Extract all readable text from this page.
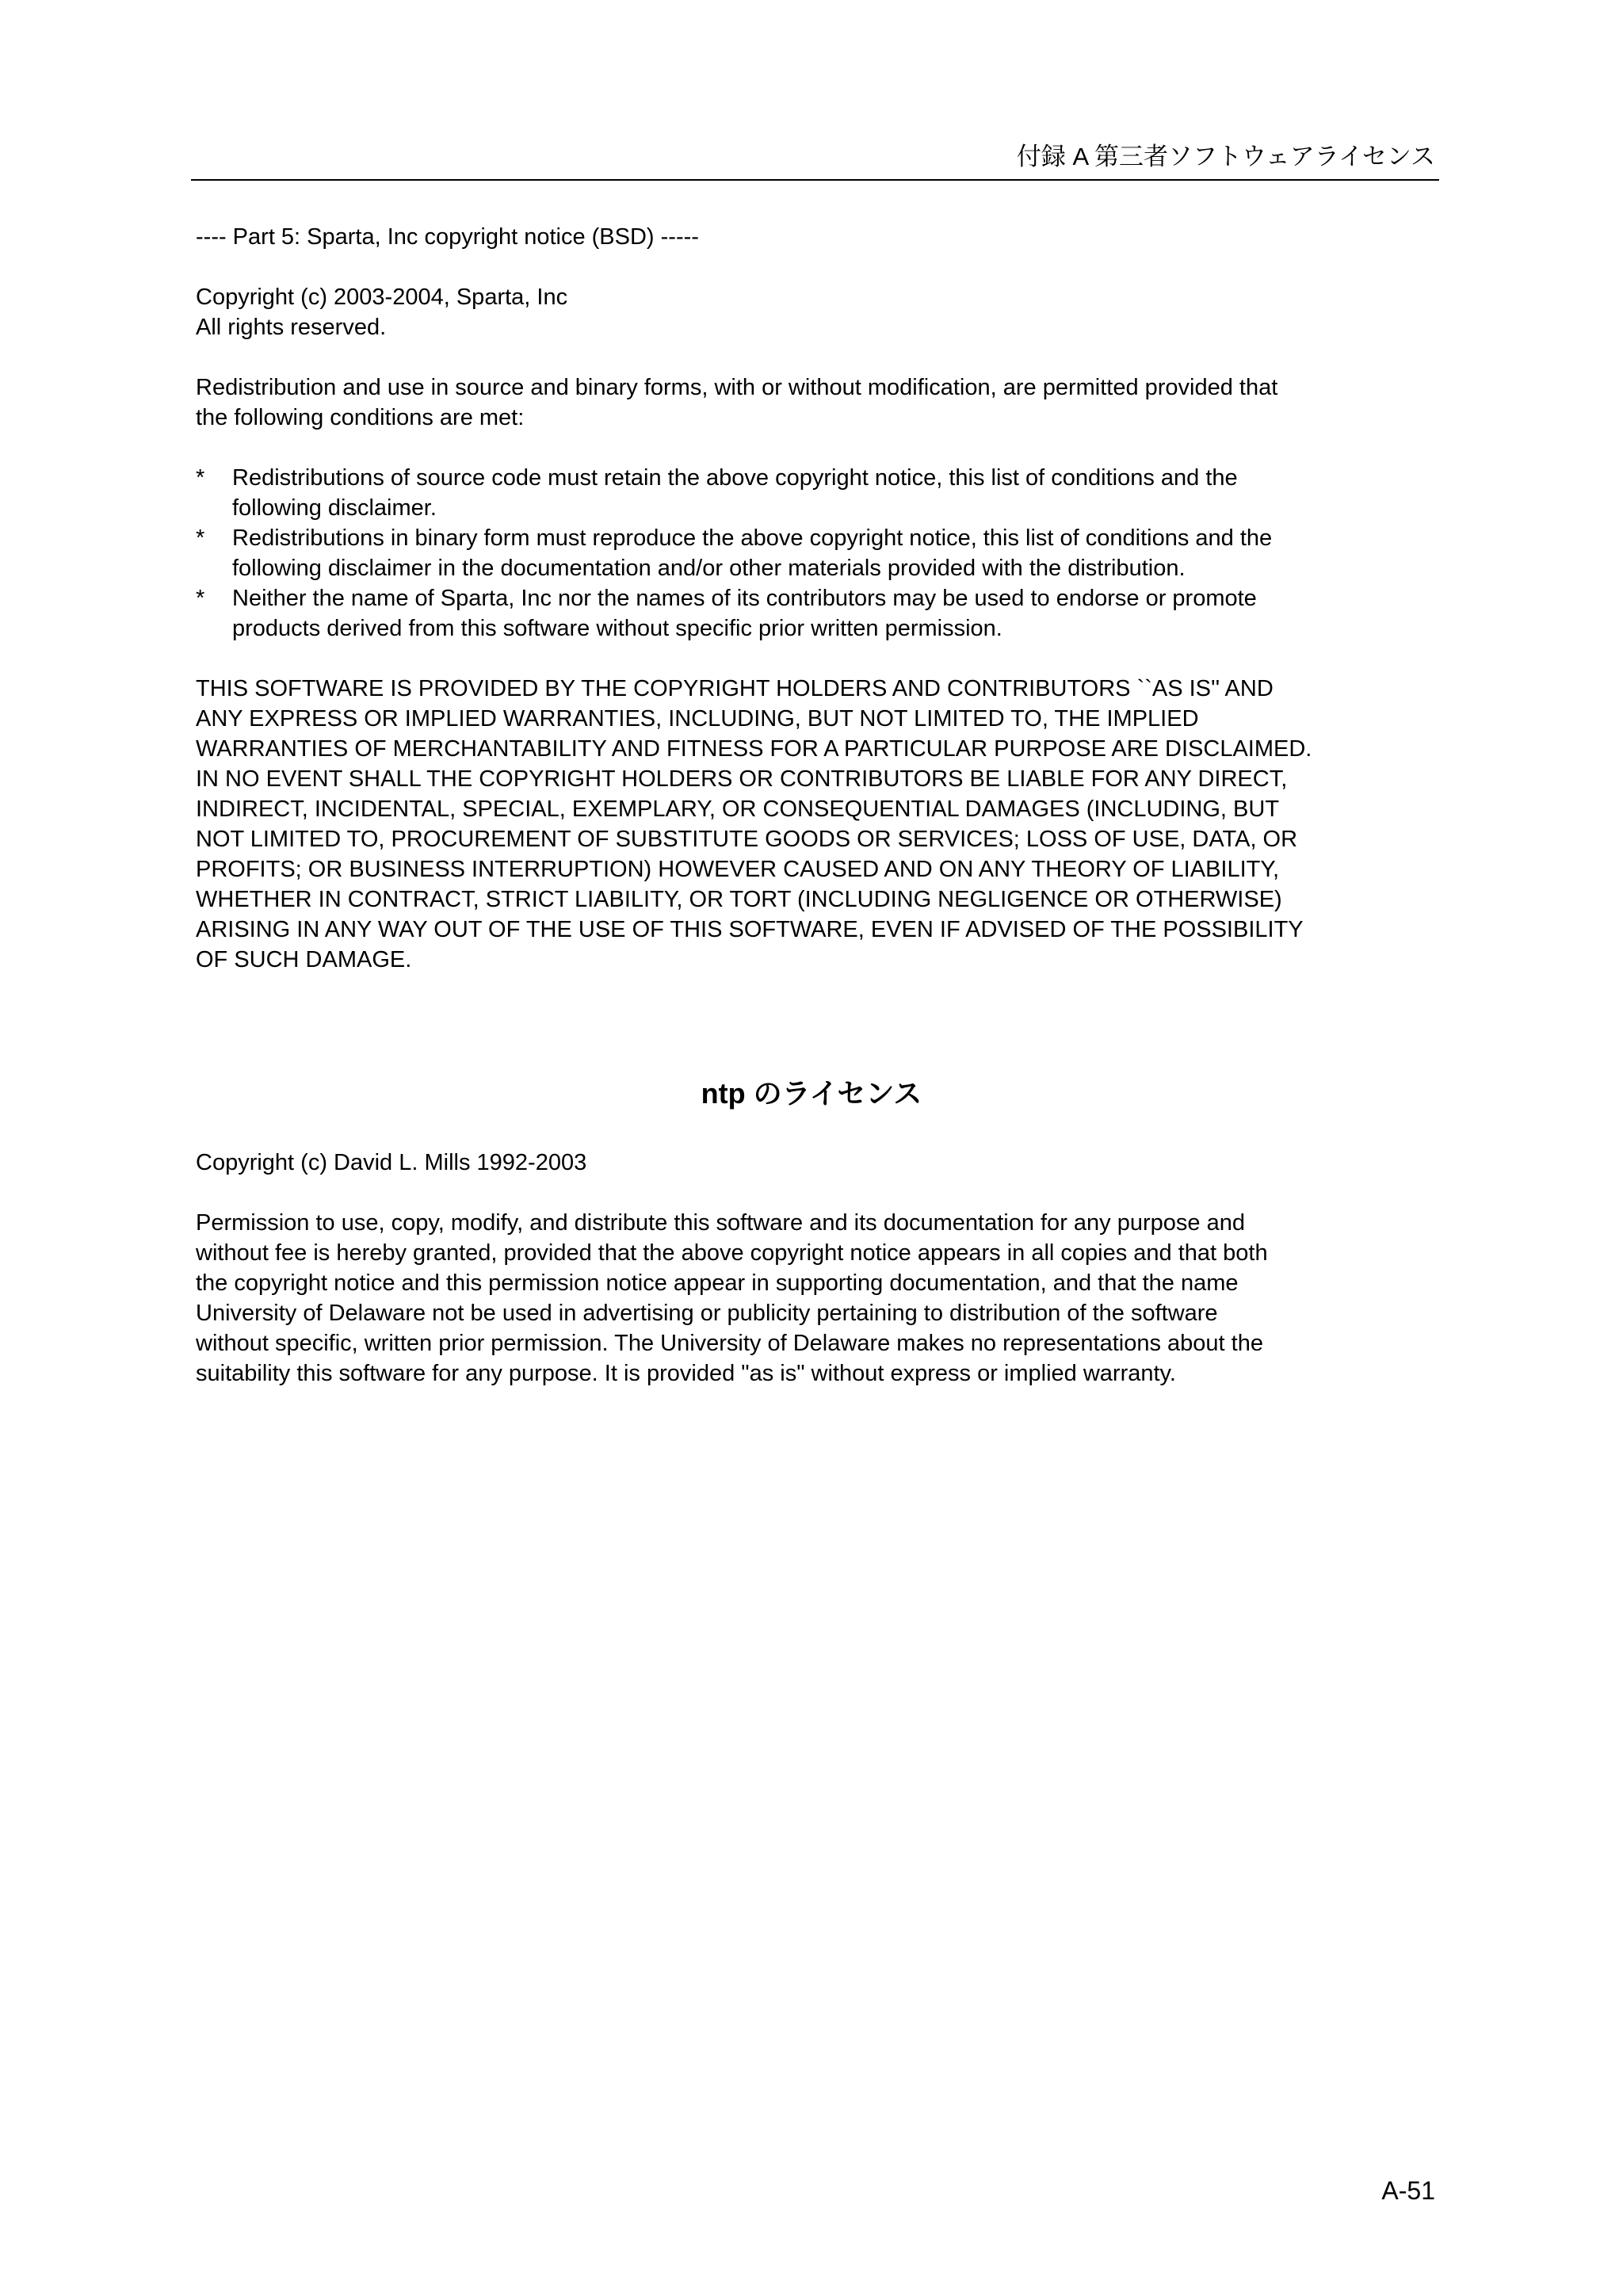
付録 A 第三者ソフトウェアライセンス
---- Part 5: Sparta, Inc copyright notice (BSD) -----
Copyright (c) 2003-2004, Sparta, Inc
All rights reserved.
Redistribution and use in source and binary forms, with or without modification, are permitted provided that
the following conditions are met:
* Redistributions of source code must retain the above copyright notice, this list of conditions and the
following disclaimer.
* Redistributions in binary form must reproduce the above copyright notice, this list of conditions and the
following disclaimer in the documentation and/or other materials provided with the distribution.
* Neither the name of Sparta, Inc nor the names of its contributors may be used to endorse or promote
products derived from this software without specific prior written permission.
THIS SOFTWARE IS PROVIDED BY THE COPYRIGHT HOLDERS AND CONTRIBUTORS ``AS IS'' AND
ANY EXPRESS OR IMPLIED WARRANTIES, INCLUDING, BUT NOT LIMITED TO, THE IMPLIED
WARRANTIES OF MERCHANTABILITY AND FITNESS FOR A PARTICULAR PURPOSE ARE DISCLAIMED.
IN NO EVENT SHALL THE COPYRIGHT HOLDERS OR CONTRIBUTORS BE LIABLE FOR ANY DIRECT,
INDIRECT, INCIDENTAL, SPECIAL, EXEMPLARY, OR CONSEQUENTIAL DAMAGES (INCLUDING, BUT
NOT LIMITED TO, PROCUREMENT OF SUBSTITUTE GOODS OR SERVICES; LOSS OF USE, DATA, OR
PROFITS; OR BUSINESS INTERRUPTION) HOWEVER CAUSED AND ON ANY THEORY OF LIABILITY,
WHETHER IN CONTRACT, STRICT LIABILITY, OR TORT (INCLUDING NEGLIGENCE OR OTHERWISE)
ARISING IN ANY WAY OUT OF THE USE OF THIS SOFTWARE, EVEN IF ADVISED OF THE POSSIBILITY
OF SUCH DAMAGE.
ntp のライセンス
Copyright (c) David L. Mills 1992-2003
Permission to use, copy, modify, and distribute this software and its documentation for any purpose and
without fee is hereby granted, provided that the above copyright notice appears in all copies and that both
the copyright notice and this permission notice appear in supporting documentation, and that the name
University of Delaware not be used in advertising or publicity pertaining to distribution of the software
without specific, written prior permission. The University of Delaware makes no representations about the
suitability this software for any purpose. It is provided "as is" without express or implied warranty.
A-51
